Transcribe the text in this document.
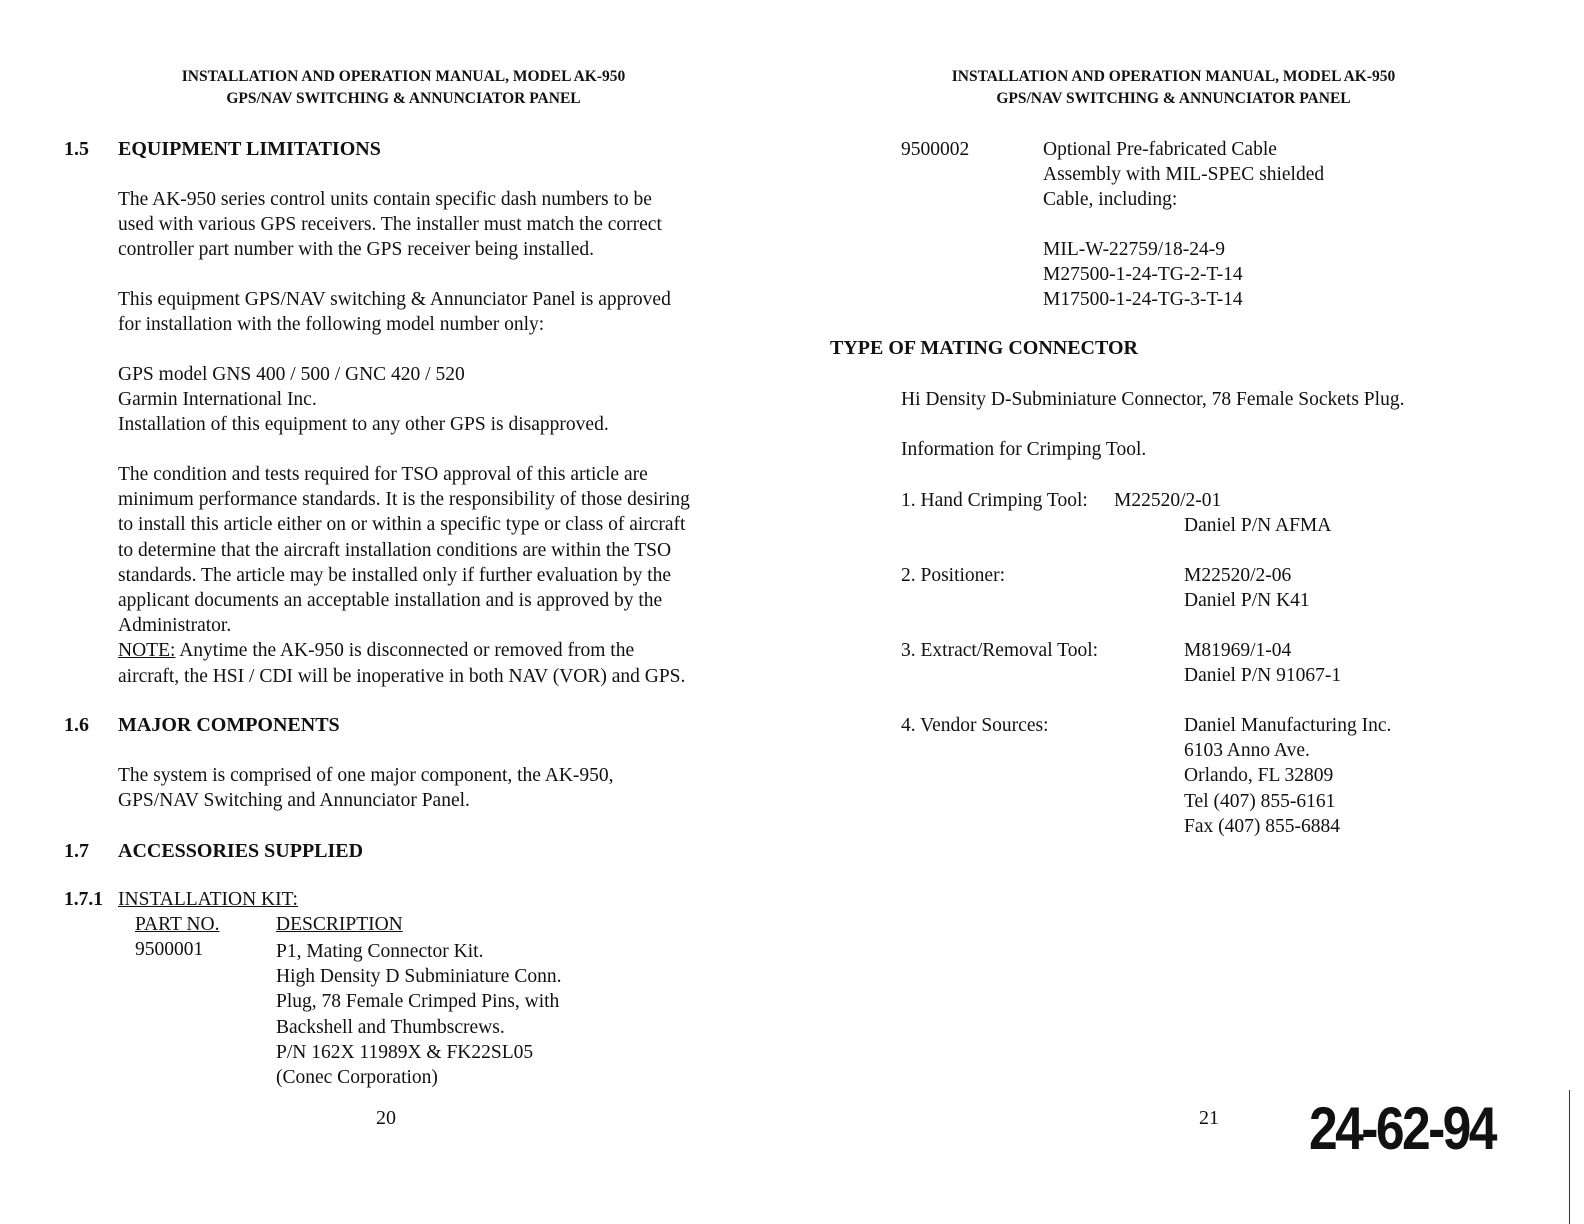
INSTALLATION AND OPERATION MANUAL, MODEL AK-950
GPS/NAV SWITCHING & ANNUNCIATOR PANEL
1.5 EQUIPMENT LIMITATIONS
The AK-950 series control units contain specific dash numbers to be
used with various GPS receivers. The installer must match the correct
controller part number with the GPS receiver being installed.
This equipment GPS/NAV switching & Annunciator Panel is approved
for installation with the following model number only:
GPS model GNS 400 / 500 / GNC 420 / 520
Garmin International Inc.
Installation of this equipment to any other GPS is disapproved.
The condition and tests required for TSO approval of this article are
minimum performance standards. It is the responsibility of those desiring
to install this article either on or within a specific type or class of aircraft
to determine that the aircraft installation conditions are within the TSO
standards. The article may be installed only if further evaluation by the
applicant documents an acceptable installation and is approved by the
Administrator.
NOTE: Anytime the AK-950 is disconnected or removed from the
aircraft, the HSI / CDI will be inoperative in both NAV (VOR) and GPS.
1.6 MAJOR COMPONENTS
The system is comprised of one major component, the AK-950,
GPS/NAV Switching and Annunciator Panel.
1.7 ACCESSORIES SUPPLIED
1.7.1 INSTALLATION KIT:
PART NO.	DESCRIPTION
9500001	P1, Mating Connector Kit.
High Density D Subminiature Conn.
Plug, 78 Female Crimped Pins, with
Backshell and Thumbscrews.
P/N 162X 11989X & FK22SL05
(Conec Corporation)
20
INSTALLATION AND OPERATION MANUAL, MODEL AK-950
GPS/NAV SWITCHING & ANNUNCIATOR PANEL
9500002	Optional Pre-fabricated Cable
Assembly with MIL-SPEC shielded
Cable, including:
MIL-W-22759/18-24-9
M27500-1-24-TG-2-T-14
M17500-1-24-TG-3-T-14
TYPE OF MATING CONNECTOR
Hi Density D-Subminiature Connector, 78 Female Sockets Plug.
Information for Crimping Tool.
1. Hand Crimping Tool: M22520/2-01
Daniel P/N AFMA
2. Positioner:	M22520/2-06
Daniel P/N K41
3. Extract/Removal Tool:	M81969/1-04
Daniel P/N 91067-1
4. Vendor Sources:	Daniel Manufacturing Inc.
6103 Anno Ave.
Orlando, FL 32809
Tel (407) 855-6161
Fax (407) 855-6884
21 24-62-94
